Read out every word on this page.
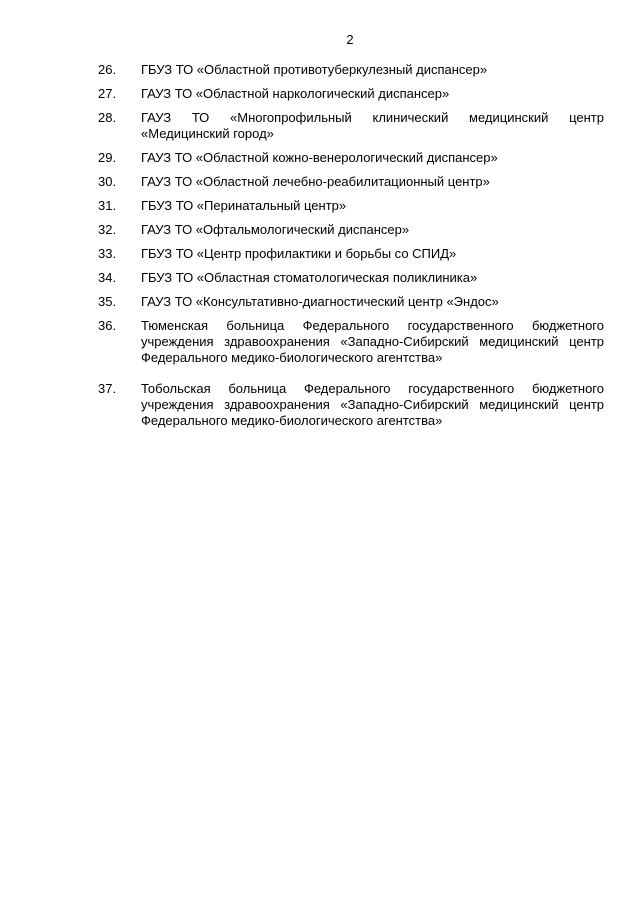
2
26.	ГБУЗ ТО «Областной противотуберкулезный диспансер»
27.	ГАУЗ ТО «Областной наркологический диспансер»
28.	ГАУЗ ТО «Многопрофильный клинический медицинский центр «Медицинский город»
29.	ГАУЗ ТО «Областной кожно-венерологический диспансер»
30.	ГАУЗ ТО «Областной лечебно-реабилитационный центр»
31.	ГБУЗ ТО «Перинатальный центр»
32.	ГАУЗ ТО «Офтальмологический диспансер»
33.	ГБУЗ ТО «Центр профилактики и борьбы со СПИД»
34.	ГБУЗ ТО «Областная стоматологическая поликлиника»
35.	ГАУЗ ТО «Консультативно-диагностический центр «Эндос»
36.	Тюменская больница Федерального государственного бюджетного учреждения здравоохранения «Западно-Сибирский медицинский центр Федерального медико-биологического агентства»
37.	Тобольская больница Федерального государственного бюджетного учреждения здравоохранения «Западно-Сибирский медицинский центр Федерального медико-биологического агентства»
